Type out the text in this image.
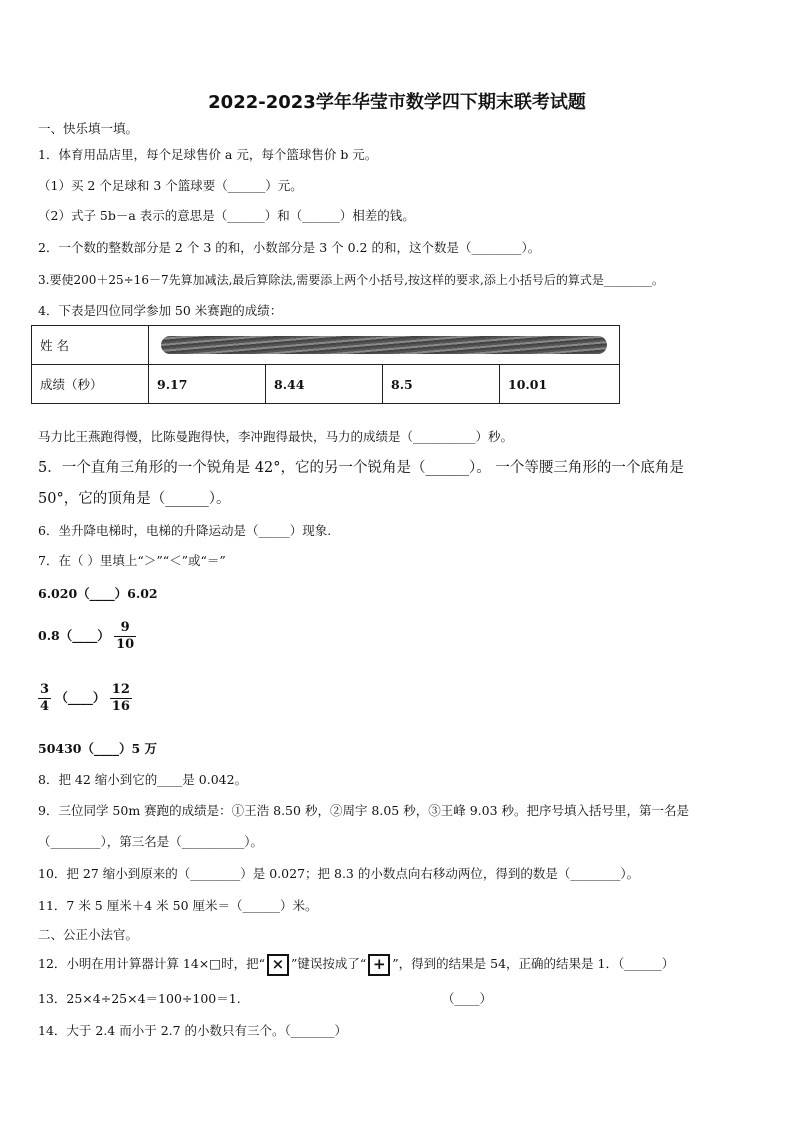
2022-2023学年华莹市数学四下期末联考试题
一、快乐填一填。
1．体育用品店里，每个足球售价 a 元，每个篮球售价 b 元。
（1）买 2 个足球和 3 个篮球要（______）元。
（2）式子 5b－a 表示的意思是（______）和（______）相差的钱。
2．一个数的整数部分是 2 个 3 的和，小数部分是 3 个 0.2 的和，这个数是（________）。
3.要使200＋25÷16－7先算加减法,最后算除法,需要添上两个小括号,按这样的要求,添上小括号后的算式是________。
4．下表是四位同学参加 50 米赛跑的成绩：
姓 名				

成绩（秒）	9.17	8.44	8.5	10.01
马力比王燕跑得慢，比陈曼跑得快，李冲跑得最快，马力的成绩是（__________）秒。
5．一个直角三角形的一个锐角是 42°，它的另一个锐角是（______）。 一个等腰三角形的一个底角是
50°，它的顶角是（______）。
6．坐升降电梯时，电梯的升降运动是（_____）现象.
7．在（ ）里填上“＞”“＜”或“＝”
6.020（____）6.02
0.8（____） $\frac{9}{10}$
$\frac{3}{4}$ （____） $\frac{12}{16}$
50430（____）5 万
8．把 42 缩小到它的____是 0.042。
9．三位同学 50m 赛跑的成绩是：①王浩 8.50 秒，②周宇 8.05 秒，③王峰 9.03 秒。把序号填入括号里，第一名是
（________），第三名是（__________）。
10．把 27 缩小到原来的（________）是 0.027；把 8.3 的小数点向右移动两位，得到的数是（________）。
11．7 米 5 厘米＋4 米 50 厘米＝（______）米。
二、公正小法官。
12．小明在用计算器计算 14×□时，把“ × ”键误按成了“ + ”，得到的结果是 54，正确的结果是 1．（______）
13．25×4÷25×4＝100÷100＝1.	（____）
14．大于 2.4 而小于 2.7 的小数只有三个。（_______）
